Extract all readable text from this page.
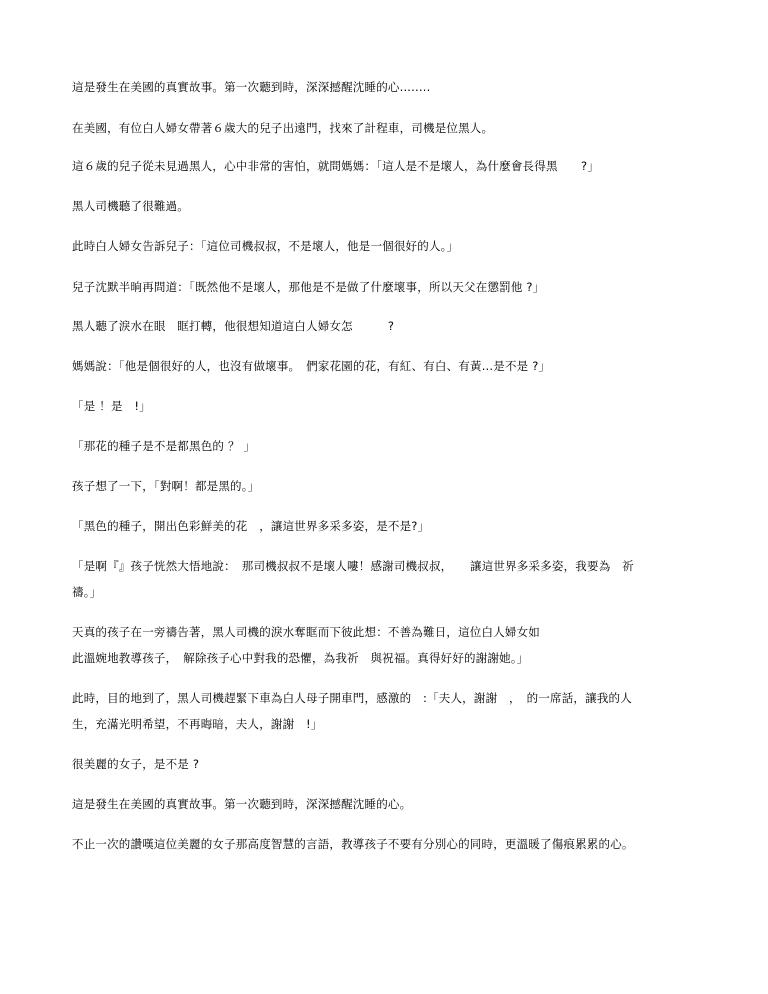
這是發生在美國的真實故事。第一次聽到時，深深撼醒沈睡的心........
在美國，有位白人婦女帶著６歲大的兒子出遠門，找來了計程車，司機是位黑人。
這６歲的兒子從未見過黑人，心中非常的害怕，就問媽媽：「這人是不是壞人，為什麼會長得黑　　?」
黑人司機聽了很難過。
此時白人婦女告訴兒子：「這位司機叔叔，不是壞人，他是一個很好的人。」
兒子沈默半晌再問道：「既然他不是壞人，那他是不是做了什麼壞事，所以天父在懲罰他 ?」
黑人聽了淚水在眼　眶打轉，他很想知道這白人婦女怎　　　?
媽媽說：「他是個很好的人，也沒有做壞事。　們家花園的花，有紅、有白、有黃...是不是 ?」
「是 ！是　!」
「那花的種子是不是都黑色的 ？ 」
孩子想了一下，「對啊！都是黑的。」
「黑色的種子，開出色彩鮮美的花　，讓這世界多采多姿，是不是?」
「是啊『』孩子恍然大悟地說：　那司機叔叔不是壞人嘍！感謝司機叔叔，　　讓這世界多采多姿，我要為　祈
禱。」
天真的孩子在一旁禱告著，黑人司機的淚水奪眶而下彼此想：不善為難日，這位白人婦女如
此溫婉地教導孩子，　解除孩子心中對我的恐懼，為我祈　與祝福。真得好好的謝謝她。」
此時，目的地到了，黑人司機趕緊下車為白人母子開車門，感激的　:「夫人，謝謝　，　的一席話，讓我的人
生，充滿光明希望，不再晦暗，夫人，謝謝　!」
很美麗的女子，是不是 ?
這是發生在美國的真實故事。第一次聽到時，深深撼醒沈睡的心。
不止一次的讚嘆這位美麗的女子那高度智慧的言語，教導孩子不要有分別心的同時，更溫暖了傷痕累累的心。
